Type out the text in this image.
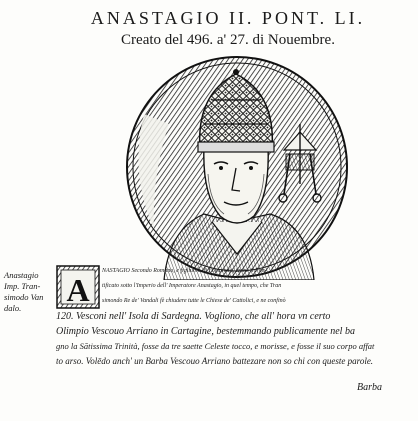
ANASTAGIO II. PONT. LI.
Creato del 496. a' 27. di Nouembre.
Anastagio
Imp. Tran-
simodo Van
dalo.	A
NASTAGIO Secondo Romano, e figliuolo di Fortunato, tenne il Pon-
tificato sotto l'Imperio dell' Imperatore Anastagio, in quel tempo, che Tran
simondo Re de' Vandali fè chiudere tutte le Chiese de' Cattolici, e ne confinò
120. Vesconi nell' Isola di Sardegna. Vogliono, che all' hora vn certo
Olimpio Vescouo Arriano in Cartagine, bestemmando publicamente nel ba
gno la Sātissima Trinità, fosse da tre saette Celeste tocco, e morisse, e fosse il suo corpo affat
to arso. Volēdo anch' un Barba Vescouo Arriano battezare non so chi con queste parole.
Barba
